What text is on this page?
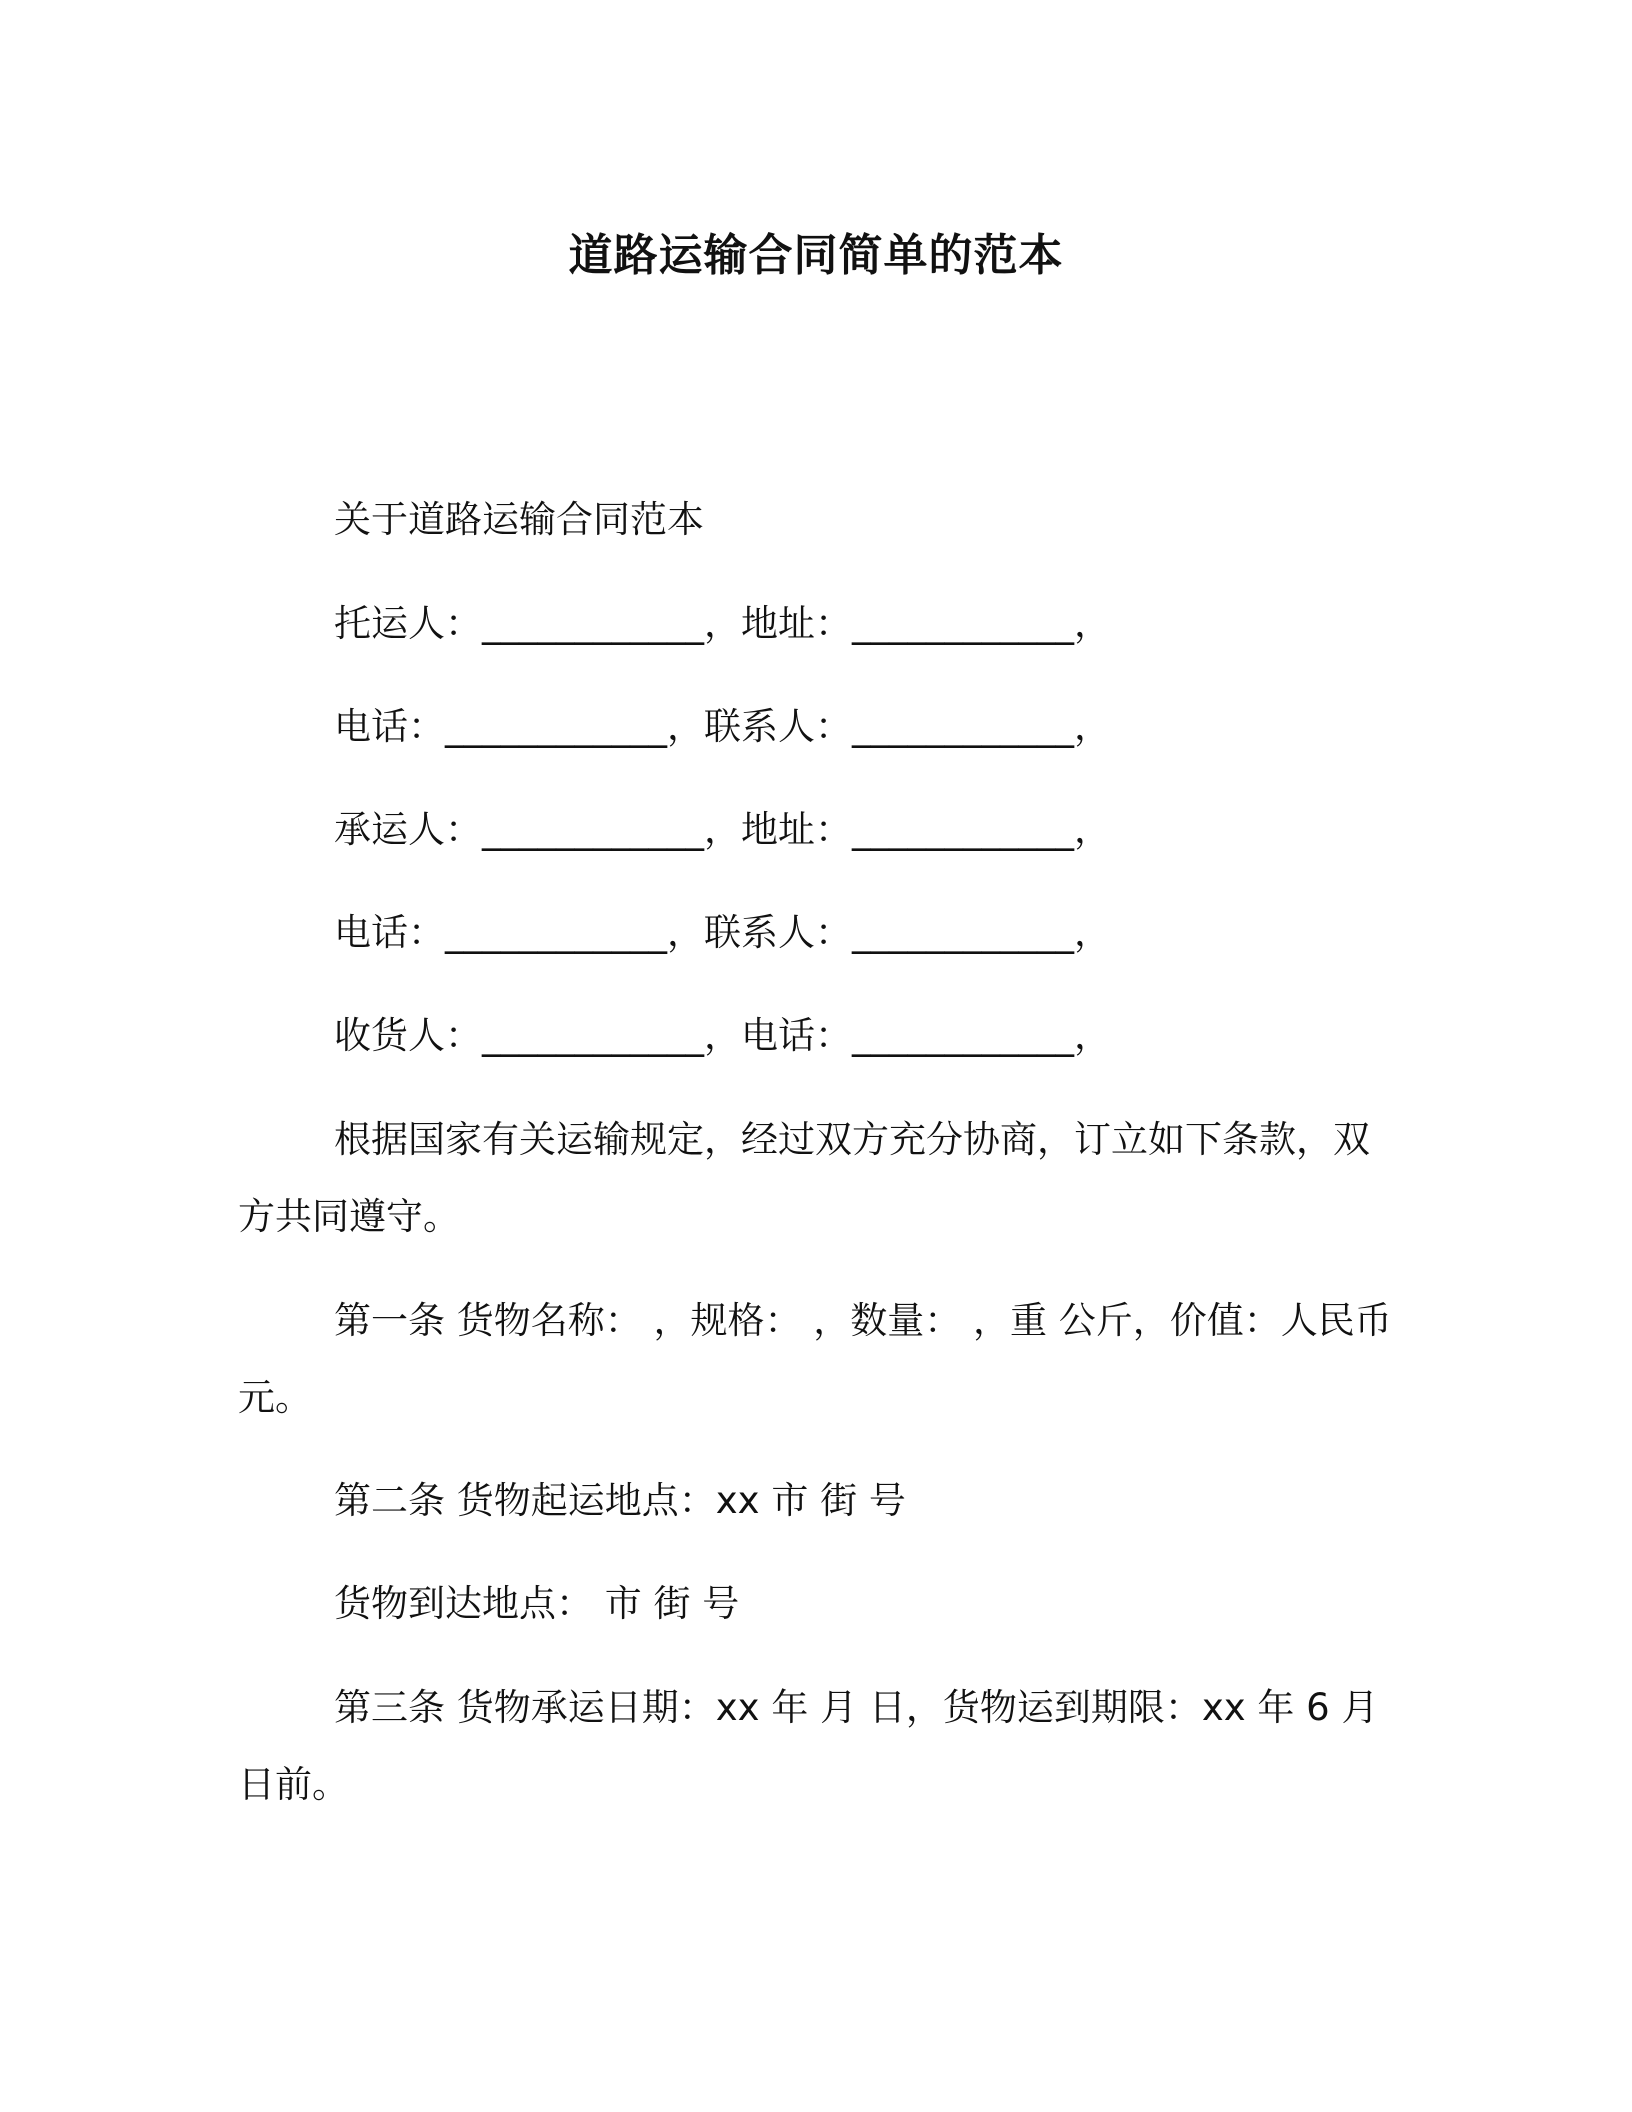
道路运输合同简单的范本
关于道路运输合同范本
托运人：____________，地址：____________，
电话：____________，联系人：____________，
承运人：____________，地址：____________，
电话：____________，联系人：____________，
收货人：____________，电话：____________，
根据国家有关运输规定，经过双方充分协商，订立如下条款，双
方共同遵守。
第一条 货物名称： ，规格： ，数量： ，重 公斤，价值：人民币
元。
第二条 货物起运地点：xx 市 街 号
货物到达地点： 市 街 号
第三条 货物承运日期：xx 年 月 日，货物运到期限：xx 年 6 月
日前。
